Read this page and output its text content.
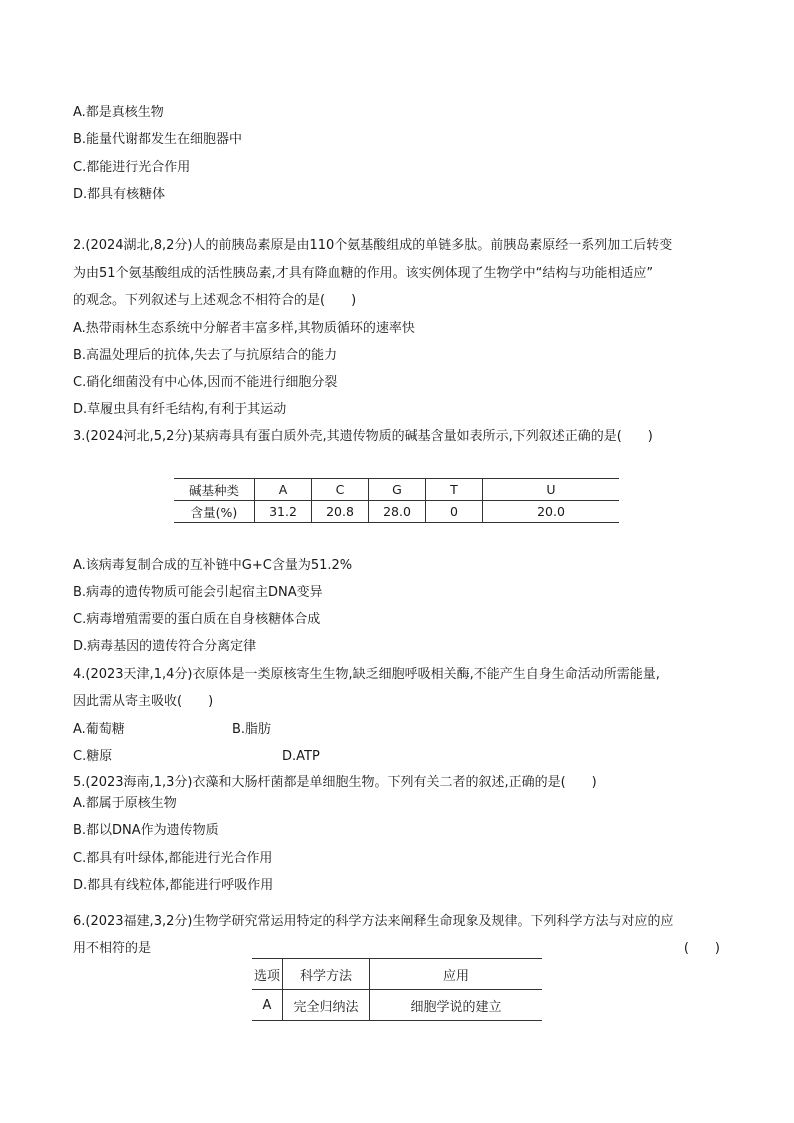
A.都是真核生物
B.能量代谢都发生在细胞器中
C.都能进行光合作用
D.都具有核糖体
2.(2024湖北,8,2分)人的前胰岛素原是由110个氨基酸组成的单链多肽。前胰岛素原经一系列加工后转变
为由51个氨基酸组成的活性胰岛素,才具有降血糖的作用。该实例体现了生物学中“结构与功能相适应”
的观念。下列叙述与上述观念不相符合的是(　　)
A.热带雨林生态系统中分解者丰富多样,其物质循环的速率快
B.高温处理后的抗体,失去了与抗原结合的能力
C.硝化细菌没有中心体,因而不能进行细胞分裂
D.草履虫具有纤毛结构,有利于其运动
3.(2024河北,5,2分)某病毒具有蛋白质外壳,其遗传物质的碱基含量如表所示,下列叙述正确的是(　　)
碱基种类	A	C	G	T	U
含量(%)	31.2	20.8	28.0	0	20.0
A.该病毒复制合成的互补链中G+C含量为51.2%
B.病毒的遗传物质可能会引起宿主DNA变异
C.病毒增殖需要的蛋白质在自身核糖体合成
D.病毒基因的遗传符合分离定律
4.(2023天津,1,4分)衣原体是一类原核寄生生物,缺乏细胞呼吸相关酶,不能产生自身生命活动所需能量,
因此需从寄主吸收(　　)
A.葡萄糖	B.脂肪
C.糖原	D.ATP
5.(2023海南,1,3分)衣藻和大肠杆菌都是单细胞生物。下列有关二者的叙述,正确的是(　　)
A.都属于原核生物
B.都以DNA作为遗传物质
C.都具有叶绿体,都能进行光合作用
D.都具有线粒体,都能进行呼吸作用
6.(2023福建,3,2分)生物学研究常运用特定的科学方法来阐释生命现象及规律。下列科学方法与对应的应
用不相符的是	(　　)
选项	科学方法	应用
A	完全归纳法	细胞学说的建立
